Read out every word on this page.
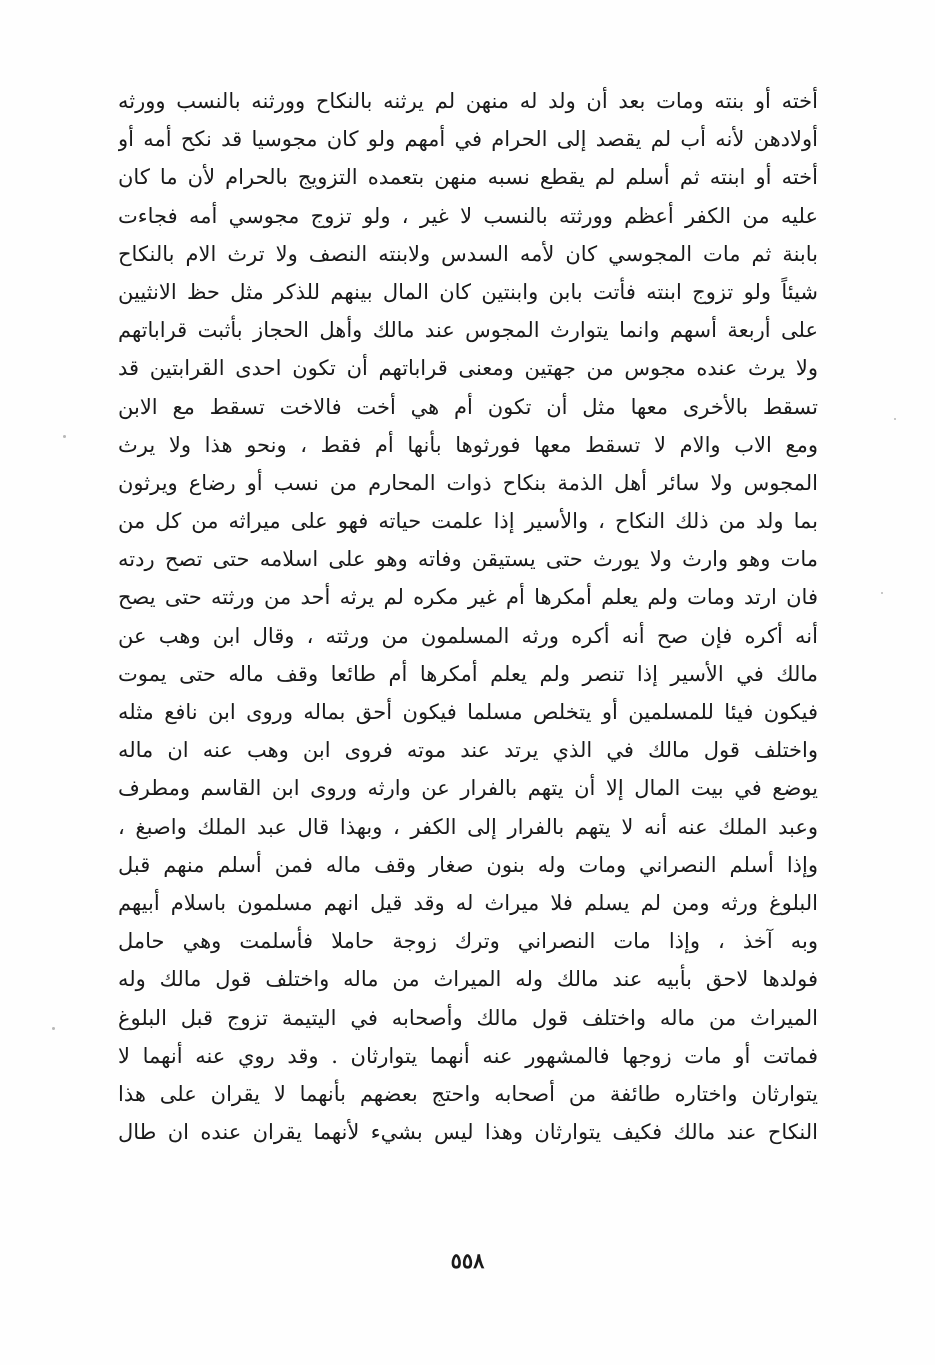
أخته أو بنته ومات بعد أن ولد له منهن لم يرثنه بالنكاح وورثنه بالنسب وورثه
أولادهن لأنه أب لم يقصد إلى الحرام في أمهم ولو كان مجوسيا قد نكح أمه أو
أخته أو ابنته ثم أسلم لم يقطع نسبه منهن بتعمده التزويج بالحرام لأن ما كان
عليه من الكفر أعظم وورثته بالنسب لا غير ، ولو تزوج مجوسي أمه فجاءت
بابنة ثم مات المجوسي كان لأمه السدس ولابنته النصف ولا ترث الام بالنكاح
شيئاً ولو تزوج ابنته فأتت بابن وابنتين كان المال بينهم للذكر مثل حظ الانثيين
على أربعة أسهم وانما يتوارث المجوس عند مالك وأهل الحجاز بأثبت قراباتهم
ولا يرث عنده مجوس من جهتين ومعنى قراباتهم أن تكون احدى القرابتين قد
تسقط بالأخرى معها مثل أن تكون أم هي أخت فالاخت تسقط مع الابن
ومع الاب والام لا تسقط معها فورثوها بأنها أم فقط ، ونحو هذا ولا يرث
المجوس ولا سائر أهل الذمة بنكاح ذوات المحارم من نسب أو رضاع ويرثون
بما ولد من ذلك النكاح ، والأسير إذا علمت حياته فهو على ميراثه من كل من
مات وهو وارث ولا يورث حتى يستيقن وفاته وهو على اسلامه حتى تصح ردته
فان ارتد ومات ولم يعلم أمكرها أم غير مكره لم يرثه أحد من ورثته حتى يصح
أنه أكره فإن صح أنه أكره ورثه المسلمون من ورثته ، وقال ابن وهب عن
مالك في الأسير إذا تنصر ولم يعلم أمكرها أم طائعا وقف ماله حتى يموت
فيكون فيئا للمسلمين أو يتخلص مسلما فيكون أحق بماله وروى ابن نافع مثله
واختلف قول مالك في الذي يرتد عند موته فروى ابن وهب عنه ان ماله
يوضع في بيت المال إلا أن يتهم بالفرار عن وارثه وروى ابن القاسم ومطرف
وعبد الملك عنه أنه لا يتهم بالفرار إلى الكفر ، وبهذا قال عبد الملك واصبغ ،
وإذا أسلم النصراني ومات وله بنون صغار وقف ماله فمن أسلم منهم قبل
البلوغ ورثه ومن لم يسلم فلا ميراث له وقد قيل انهم مسلمون باسلام أبيهم
وبه آخذ ، وإذا مات النصراني وترك زوجة حاملا فأسلمت وهي حامل
فولدها لاحق بأبيه عند مالك وله الميراث من ماله واختلف قول مالك وله
الميراث من ماله واختلف قول مالك وأصحابه في اليتيمة تزوج قبل البلوغ
فماتت أو مات زوجها فالمشهور عنه أنهما يتوارثان . وقد روي عنه أنهما لا
يتوارثان واختاره طائفة من أصحابه واحتج بعضهم بأنهما لا يقران على هذا
النكاح عند مالك فكيف يتوارثان وهذا ليس بشيء لأنهما يقران عنده ان طال
٥٥٨
